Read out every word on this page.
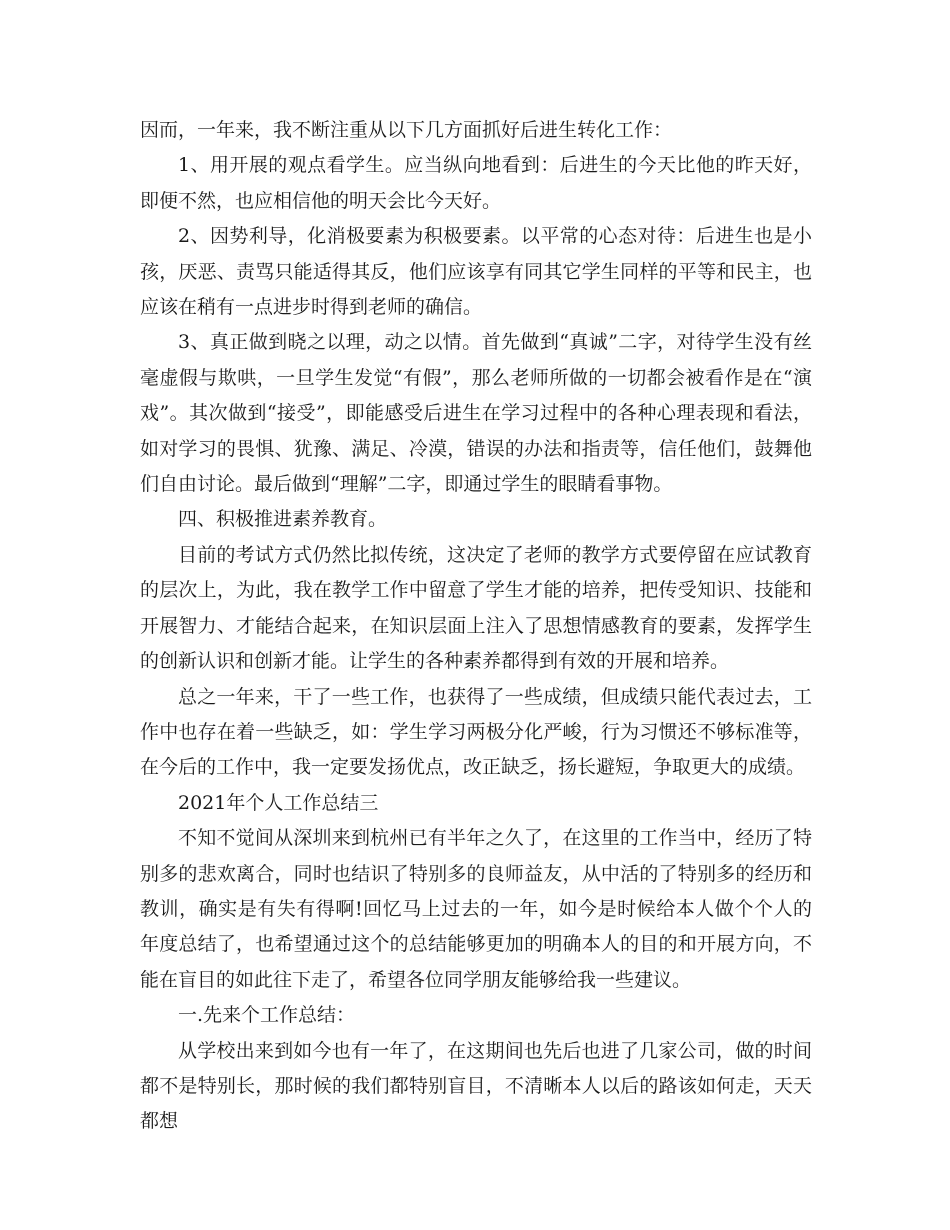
因而，一年来，我不断注重从以下几方面抓好后进生转化工作：

1、用开展的观点看学生。应当纵向地看到：后进生的今天比他的昨天好，即便不然，也应相信他的明天会比今天好。

2、因势利导，化消极要素为积极要素。以平常的心态对待：后进生也是小孩，厌恶、责骂只能适得其反，他们应该享有同其它学生同样的平等和民主，也应该在稍有一点进步时得到老师的确信。

3、真正做到晓之以理，动之以情。首先做到“真诚”二字，对待学生没有丝毫虚假与欺哄，一旦学生发觉“有假”，那么老师所做的一切都会被看作是在“演戏”。其次做到“接受”，即能感受后进生在学习过程中的各种心理表现和看法，如对学习的畏惧、犹豫、满足、冷漠，错误的办法和指责等，信任他们，鼓舞他们自由讨论。最后做到“理解”二字，即通过学生的眼睛看事物。

四、积极推进素养教育。

目前的考试方式仍然比拟传统，这决定了老师的教学方式要停留在应试教育的层次上，为此，我在教学工作中留意了学生才能的培养，把传受知识、技能和开展智力、才能结合起来，在知识层面上注入了思想情感教育的要素，发挥学生的创新认识和创新才能。让学生的各种素养都得到有效的开展和培养。

总之一年来，干了一些工作，也获得了一些成绩，但成绩只能代表过去，工作中也存在着一些缺乏，如：学生学习两极分化严峻，行为习惯还不够标准等，在今后的工作中，我一定要发扬优点，改正缺乏，扬长避短，争取更大的成绩。

2021年个人工作总结三

不知不觉间从深圳来到杭州已有半年之久了，在这里的工作当中，经历了特别多的悲欢离合，同时也结识了特别多的良师益友，从中活的了特别多的经历和教训，确实是有失有得啊!回忆马上过去的一年，如今是时候给本人做个个人的年度总结了，也希望通过这个的总结能够更加的明确本人的目的和开展方向，不能在盲目的如此往下走了，希望各位同学朋友能够给我一些建议。

一.先来个工作总结：

从学校出来到如今也有一年了，在这期间也先后也进了几家公司，做的时间都不是特别长，那时候的我们都特别盲目，不清晰本人以后的路该如何走，天天都想
